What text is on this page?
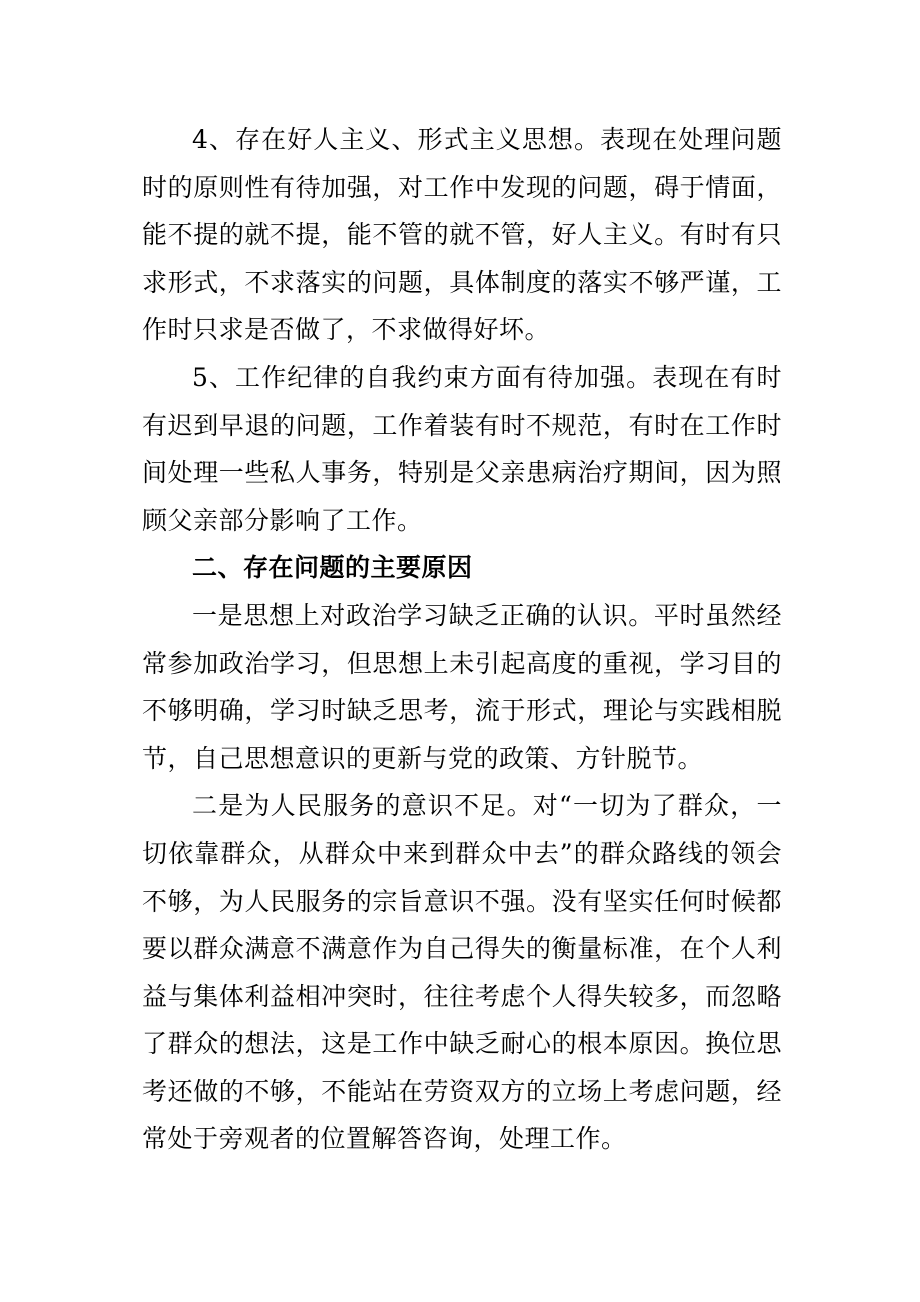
4、存在好人主义、形式主义思想。表现在处理问题时的原则性有待加强，对工作中发现的问题，碍于情面，能不提的就不提，能不管的就不管，好人主义。有时有只求形式，不求落实的问题，具体制度的落实不够严谨，工作时只求是否做了，不求做得好坏。

5、工作纪律的自我约束方面有待加强。表现在有时有迟到早退的问题，工作着装有时不规范，有时在工作时间处理一些私人事务，特别是父亲患病治疗期间，因为照顾父亲部分影响了工作。

二、存在问题的主要原因

一是思想上对政治学习缺乏正确的认识。平时虽然经常参加政治学习，但思想上未引起高度的重视，学习目的不够明确，学习时缺乏思考，流于形式，理论与实践相脱节，自己思想意识的更新与党的政策、方针脱节。

二是为人民服务的意识不足。对“一切为了群众，一切依靠群众，从群众中来到群众中去”的群众路线的领会不够，为人民服务的宗旨意识不强。没有坚实任何时候都要以群众满意不满意作为自己得失的衡量标准，在个人利益与集体利益相冲突时，往往考虑个人得失较多，而忽略了群众的想法，这是工作中缺乏耐心的根本原因。换位思考还做的不够，不能站在劳资双方的立场上考虑问题，经常处于旁观者的位置解答咨询，处理工作。
